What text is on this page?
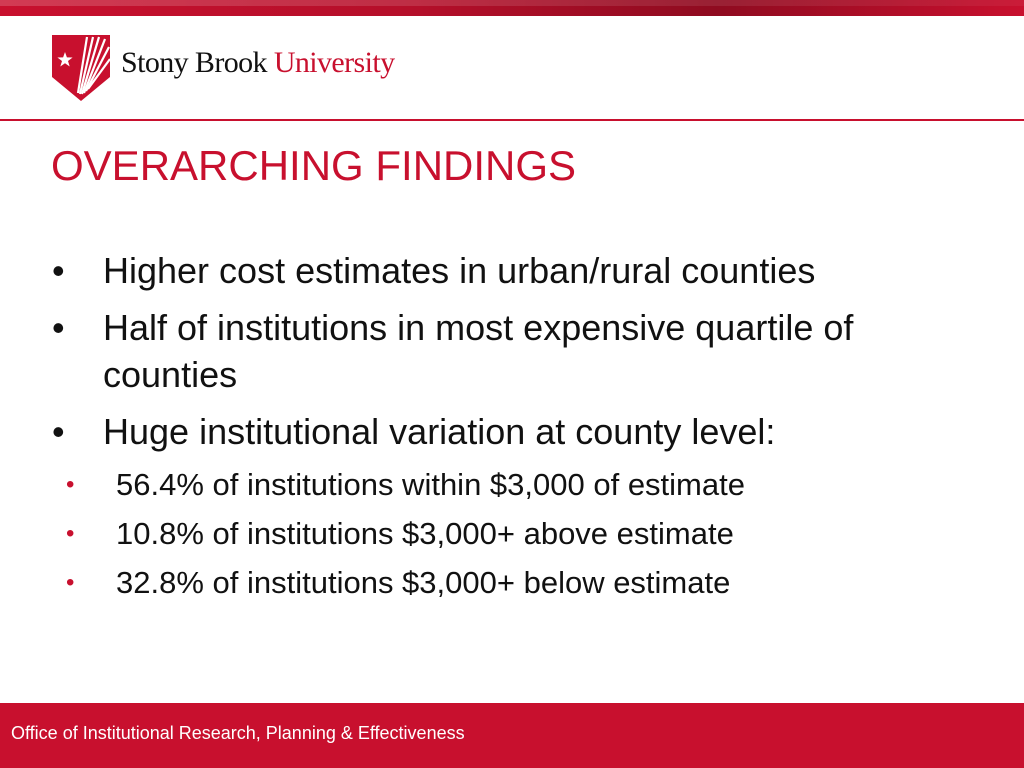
Stony Brook University
OVERARCHING FINDINGS
• Higher cost estimates in urban/rural counties
• Half of institutions in most expensive quartile of counties
• Huge institutional variation at county level:
• 56.4% of institutions within $3,000 of estimate
• 10.8% of institutions $3,000+ above estimate
• 32.8% of institutions $3,000+ below estimate
Office of Institutional Research, Planning & Effectiveness
